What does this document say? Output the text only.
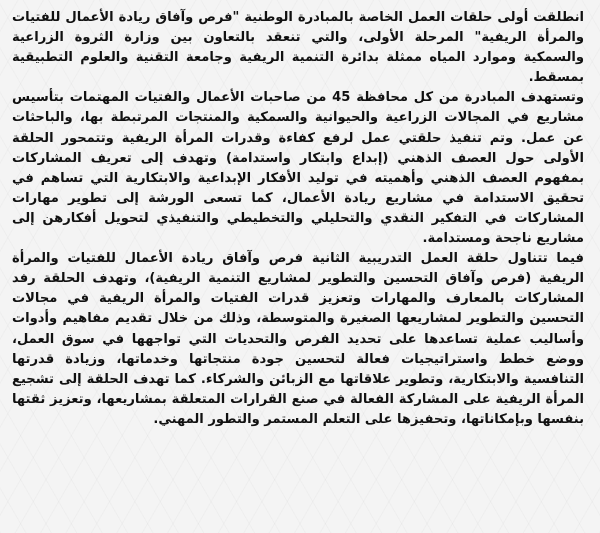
انطلقت أولى حلقات العمل الخاصة بالمبادرة الوطنية "فرص وآفاق ريادة الأعمال للفتيات والمرأة الريفية" المرحلة الأولى، والتي تنعقد بالتعاون بين وزارة الثروة الزراعية والسمكية وموارد المياه ممثلة بدائرة التنمية الريفية وجامعة التقنية والعلوم التطبيقية بمسقط.

وتستهدف المبادرة من كل محافظة 45 من صاحبات الأعمال والفتيات المهتمات بتأسيس مشاريع في المجالات الزراعية والحيوانية والسمكية والمنتجات المرتبطة بها، والباحثات عن عمل. وتم تنفيذ حلقتي عمل لرفع كفاءة وقدرات المرأة الريفية وتتمحور الحلقة الأولى حول العصف الذهني (إبداع وابتكار واستدامة) وتهدف إلى تعريف المشاركات بمفهوم العصف الذهني وأهميته في توليد الأفكار الإبداعية والابتكارية التي تساهم في تحقيق الاستدامة في مشاريع ريادة الأعمال، كما تسعى الورشة إلى تطوير مهارات المشاركات في التفكير النقدي والتحليلي والتخطيطي والتنفيذي لتحويل أفكارهن إلى مشاريع ناجحة ومستدامة.

فيما تتناول حلقة العمل التدريبية الثانية فرص وآفاق ريادة الأعمال للفتيات والمرأة الريفية (فرص وآفاق التحسين والتطوير لمشاريع التنمية الريفية)، وتهدف الحلقة رفد المشاركات بالمعارف والمهارات وتعزيز قدرات الفتيات والمرأة الريفية في مجالات التحسين والتطوير لمشاريعها الصغيرة والمتوسطة، وذلك من خلال تقديم مفاهيم وأدوات وأساليب عملية تساعدها على تحديد الفرص والتحديات التي تواجهها في سوق العمل، ووضع خطط واستراتيجيات فعالة لتحسين جودة منتجاتها وخدماتها، وزيادة قدرتها التنافسية والابتكارية، وتطوير علاقاتها مع الزبائن والشركاء. كما تهدف الحلقة إلى تشجيع المرأة الريفية على المشاركة الفعالة في صنع القرارات المتعلقة بمشاريعها، وتعزيز ثقتها بنفسها وبإمكاناتها، وتحفيزها على التعلم المستمر والتطور المهني.
